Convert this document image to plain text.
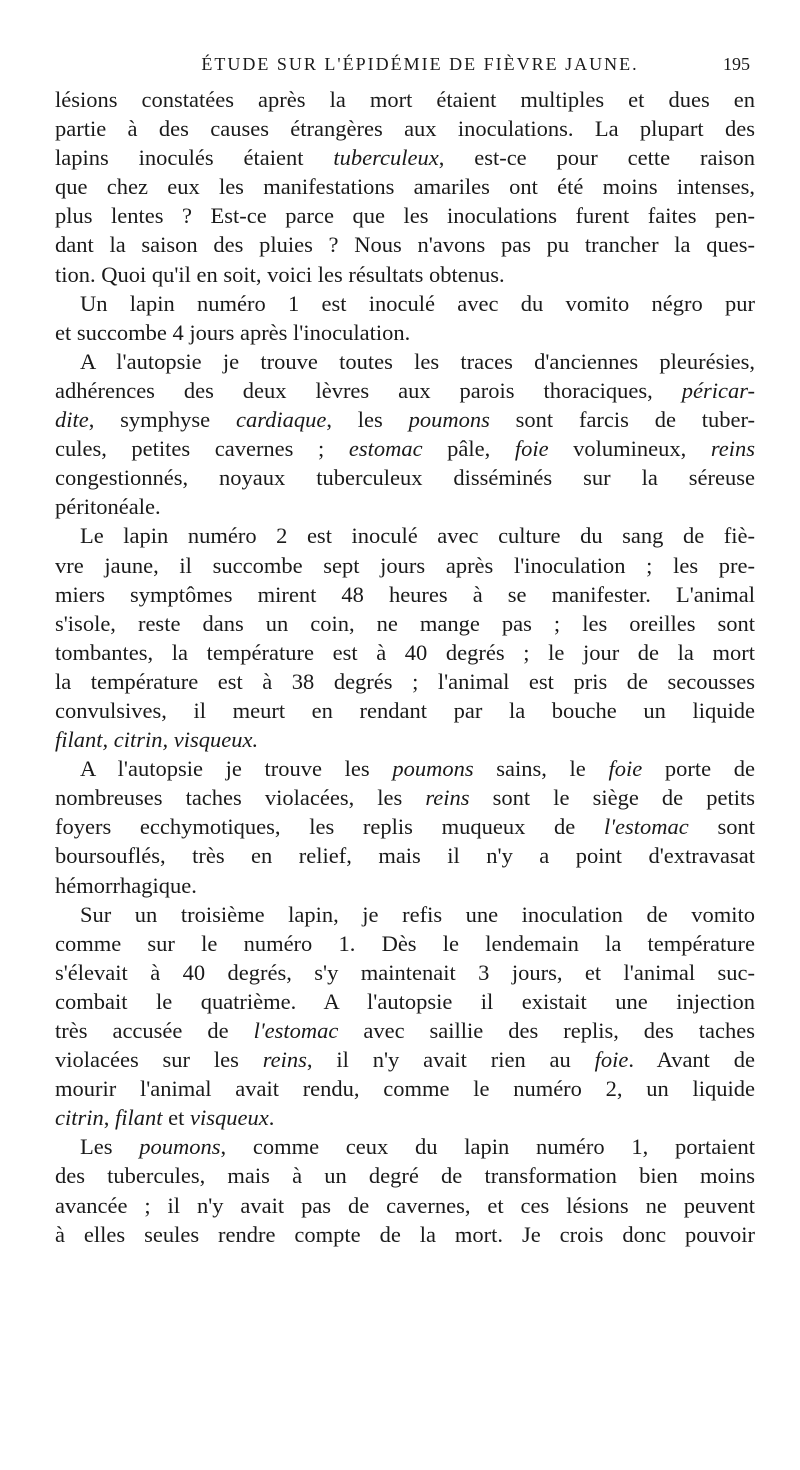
ÉTUDE SUR L'ÉPIDÉMIE DE FIÈVRE JAUNE.	195
lésions constatées après la mort étaient multiples et dues en
partie à des causes étrangères aux inoculations. La plupart des
lapins inoculés étaient tuberculeux, est-ce pour cette raison
que chez eux les manifestations amariles ont été moins intenses,
plus lentes ? Est-ce parce que les inoculations furent faites pen-
dant la saison des pluies ? Nous n'avons pas pu trancher la ques-
tion. Quoi qu'il en soit, voici les résultats obtenus.
Un lapin numéro 1 est inoculé avec du vomito négro pur
et succombe 4 jours après l'inoculation.
A l'autopsie je trouve toutes les traces d'anciennes pleurésies,
adhérences des deux lèvres aux parois thoraciques, péricar-
dite, symphyse cardiaque, les poumons sont farcis de tuber-
cules, petites cavernes ; estomac pâle, foie volumineux, reins
congestionnés, noyaux tuberculeux disséminés sur la séreuse
péritonéale.
Le lapin numéro 2 est inoculé avec culture du sang de fiè-
vre jaune, il succombe sept jours après l'inoculation ; les pre-
miers symptômes mirent 48 heures à se manifester. L'animal
s'isole, reste dans un coin, ne mange pas ; les oreilles sont
tombantes, la température est à 40 degrés ; le jour de la mort
la température est à 38 degrés ; l'animal est pris de secousses
convulsives, il meurt en rendant par la bouche un liquide
filant, citrin, visqueux.
A l'autopsie je trouve les poumons sains, le foie porte de
nombreuses taches violacées, les reins sont le siège de petits
foyers ecchymotiques, les replis muqueux de l'estomac sont
boursouflés, très en relief, mais il n'y a point d'extravasat
hémorrhagique.
Sur un troisième lapin, je refis une inoculation de vomito
comme sur le numéro 1. Dès le lendemain la température
s'élevait à 40 degrés, s'y maintenait 3 jours, et l'animal suc-
combait le quatrième. A l'autopsie il existait une injection
très accusée de l'estomac avec saillie des replis, des taches
violacées sur les reins, il n'y avait rien au foie. Avant de
mourir l'animal avait rendu, comme le numéro 2, un liquide
citrin, filant et visqueux.
Les poumons, comme ceux du lapin numéro 1, portaient
des tubercules, mais à un degré de transformation bien moins
avancée ; il n'y avait pas de cavernes, et ces lésions ne peuvent
à elles seules rendre compte de la mort. Je crois donc pouvoir
